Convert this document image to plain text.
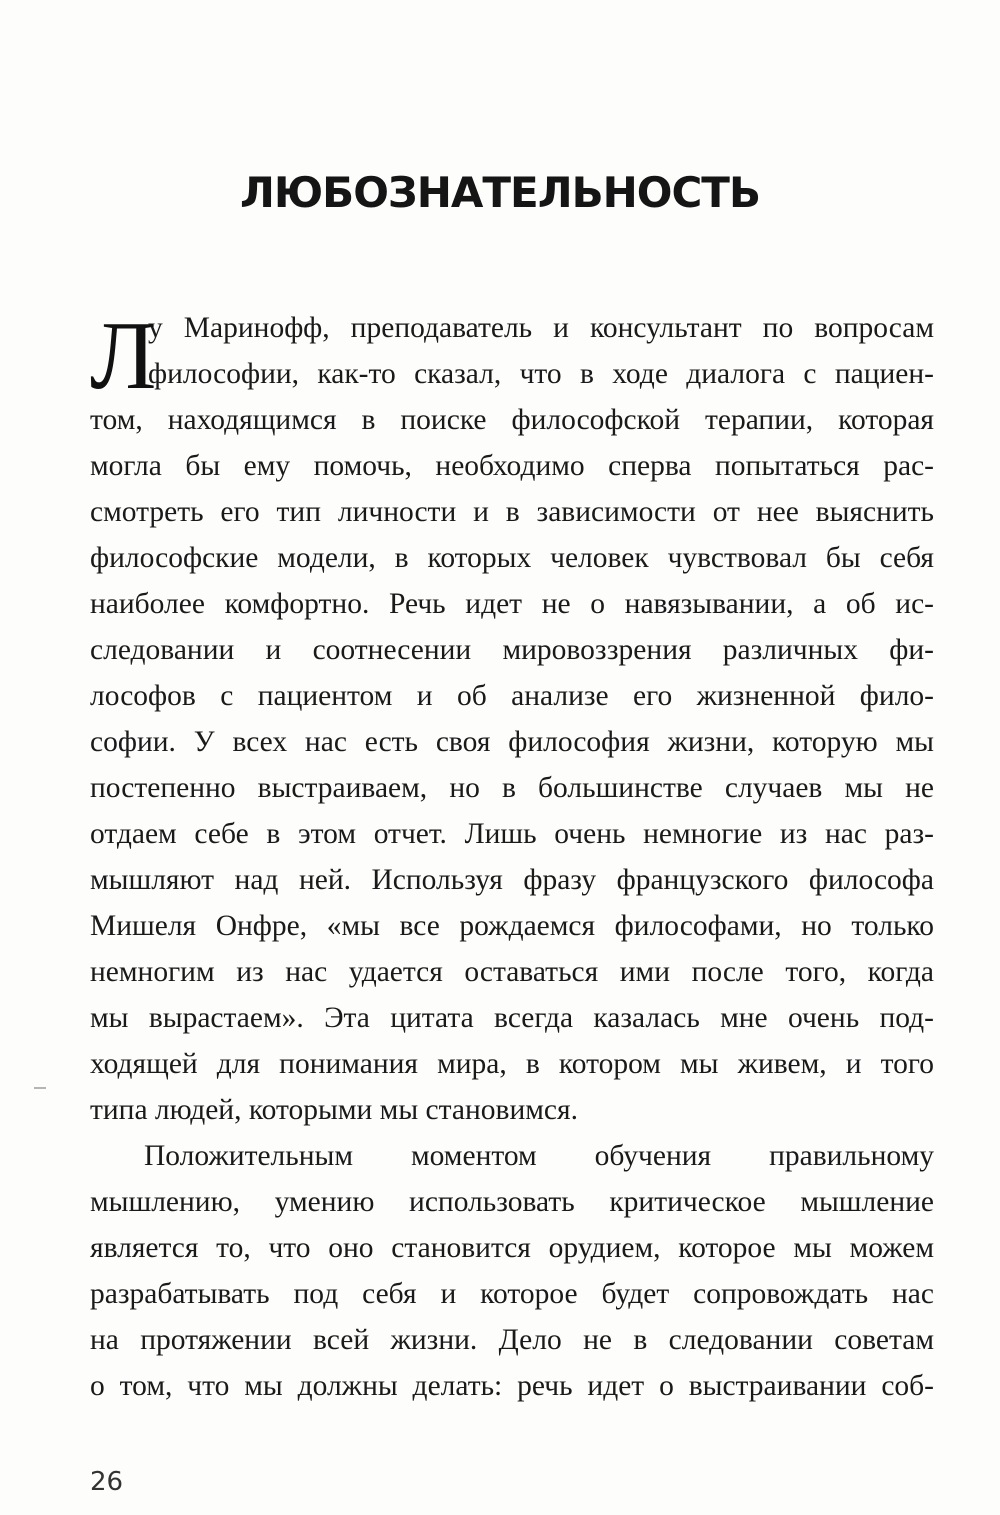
ЛЮБОЗНАТЕЛЬНОСТЬ
Л
у Маринофф, преподаватель и консультант по вопросам
философии, как-то сказал, что в ходе диалога с пациен-
том, находящимся в поиске философской терапии, которая
могла бы ему помочь, необходимо сперва попытаться рас-
смотреть его тип личности и в зависимости от нее выяснить
философские модели, в которых человек чувствовал бы себя
наиболее комфортно. Речь идет не о навязывании, а об ис-
следовании и соотнесении мировоззрения различных фи-
лософов с пациентом и об анализе его жизненной фило-
софии. У всех нас есть своя философия жизни, которую мы
постепенно выстраиваем, но в большинстве случаев мы не
отдаем себе в этом отчет. Лишь очень немногие из нас раз-
мышляют над ней. Используя фразу французского философа
Мишеля Онфре, «мы все рождаемся философами, но только
немногим из нас удается оставаться ими после того, когда
мы вырастаем». Эта цитата всегда казалась мне очень под-
ходящей для понимания мира, в котором мы живем, и того
типа людей, которыми мы становимся.
Положительным моментом обучения правильному
мышлению, умению использовать критическое мышление
является то, что оно становится орудием, которое мы можем
разрабатывать под себя и которое будет сопровождать нас
на протяжении всей жизни. Дело не в следовании советам
о том, что мы должны делать: речь идет о выстраивании соб-
26
